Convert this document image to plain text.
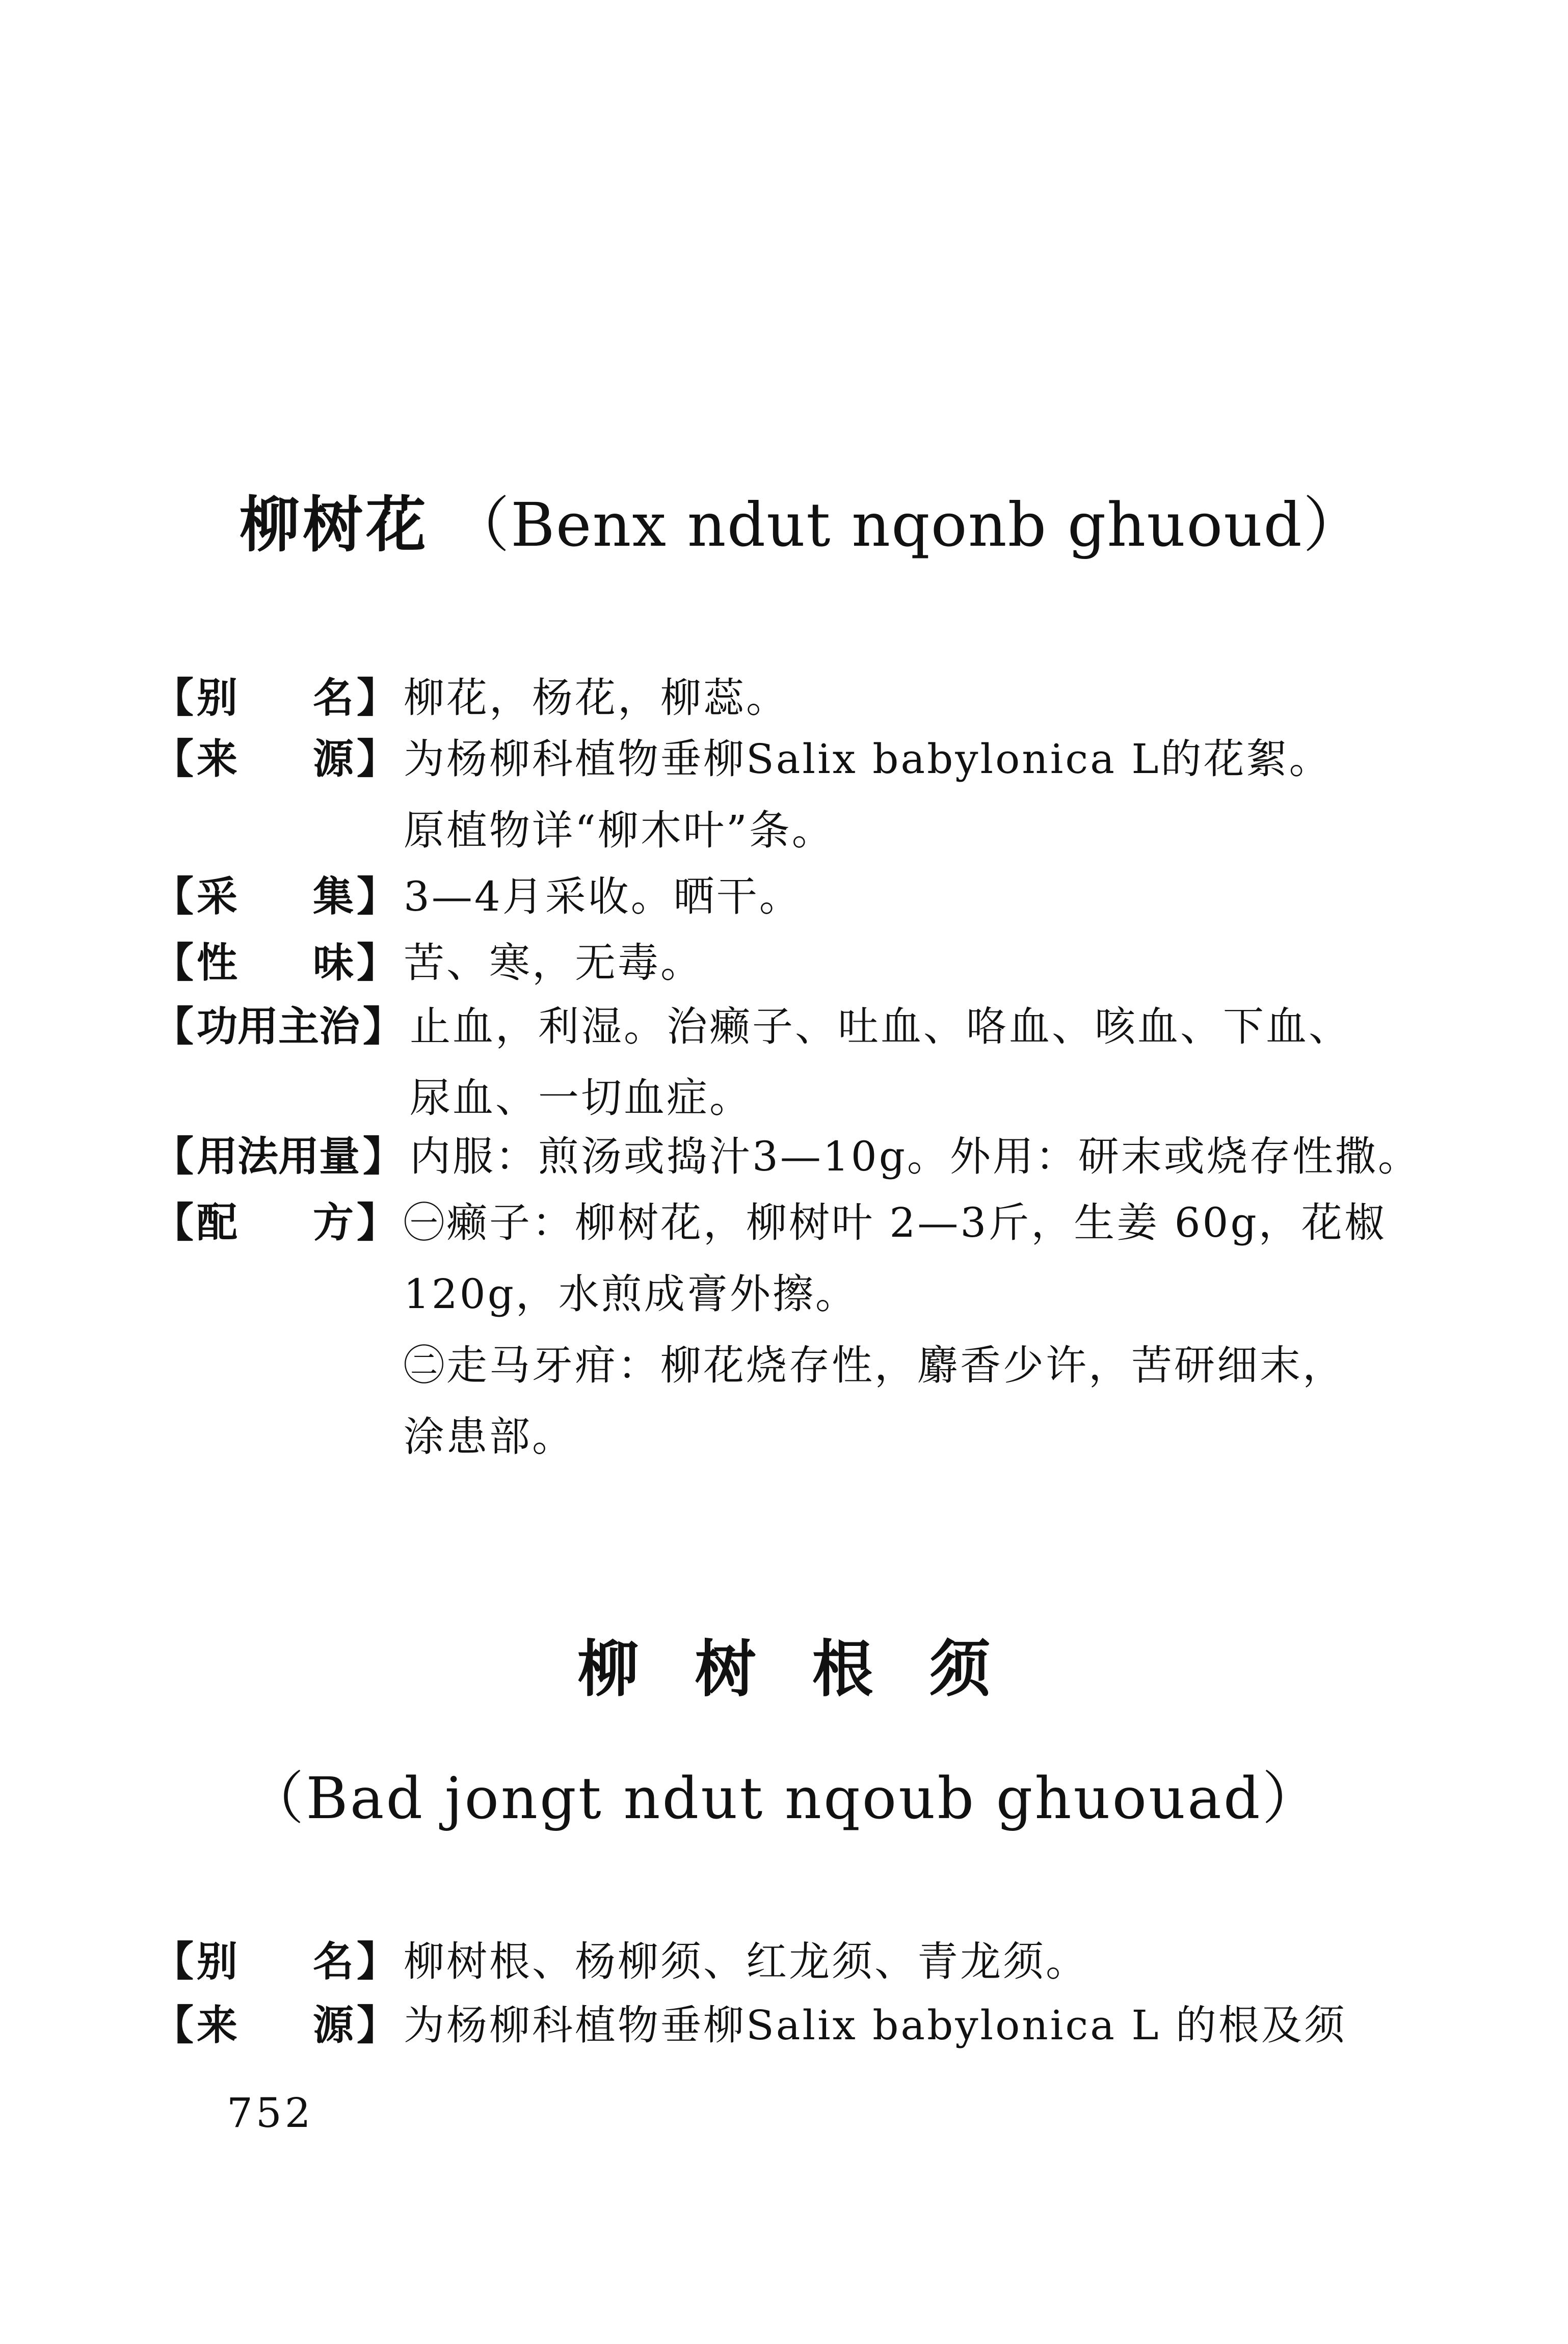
柳树花 （Benx ndut nqonb ghuoud）
【 别 名 】 柳花，杨花，柳蕊。
【 来 源 】 为杨柳科植物垂柳Salix babylonica L的花絮。
原植物详“柳木叶”条。
【 采 集 】 3—4月采收。晒干。
【 性 味 】 苦、寒，无毒。
【 功用主治 】 止血，利湿。治癞子、吐血、咯血、咳血、下血、
尿血、一切血症。
【 用法用量 】 内服：煎汤或捣汁3—10g。外用：研末或烧存性撒。
【 配 方 】 ㊀癞子：柳树花，柳树叶 2—3斤，生姜 60g，花椒
120g，水煎成膏外擦。
㊁走马牙疳：柳花烧存性，麝香少许，苦研细末，
涂患部。
柳树根须
（Bad jongt ndut nqoub ghuouad）
【 别 名 】 柳树根、杨柳须、红龙须、青龙须。
【 来 源 】 为杨柳科植物垂柳Salix babylonica L 的根及须
752
